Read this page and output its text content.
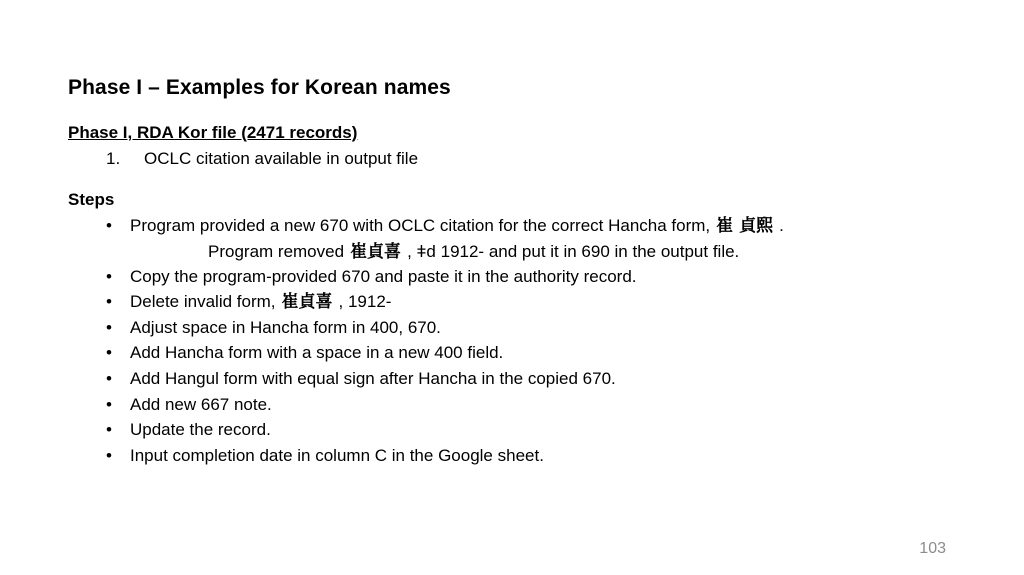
Phase I – Examples for Korean names
Phase I, RDA Kor file (2471 records)
1. OCLC citation available in output file
Steps
•	Program provided a new 670 with OCLC citation for the correct Hancha form, 崔 貞熙 .
Program removed 崔貞喜 , ǂd 1912- and put it in 690 in the output file.
•	Copy the program-provided 670 and paste it in the authority record.
•	Delete invalid form, 崔貞喜 , 1912-
•	Adjust space in Hancha form in 400, 670.
•	Add Hancha form with a space in a new 400 field.
•	Add Hangul form with equal sign after Hancha in the copied 670.
•	Add new 667 note.
•	Update the record.
•	Input completion date in column C in the Google sheet.
103
